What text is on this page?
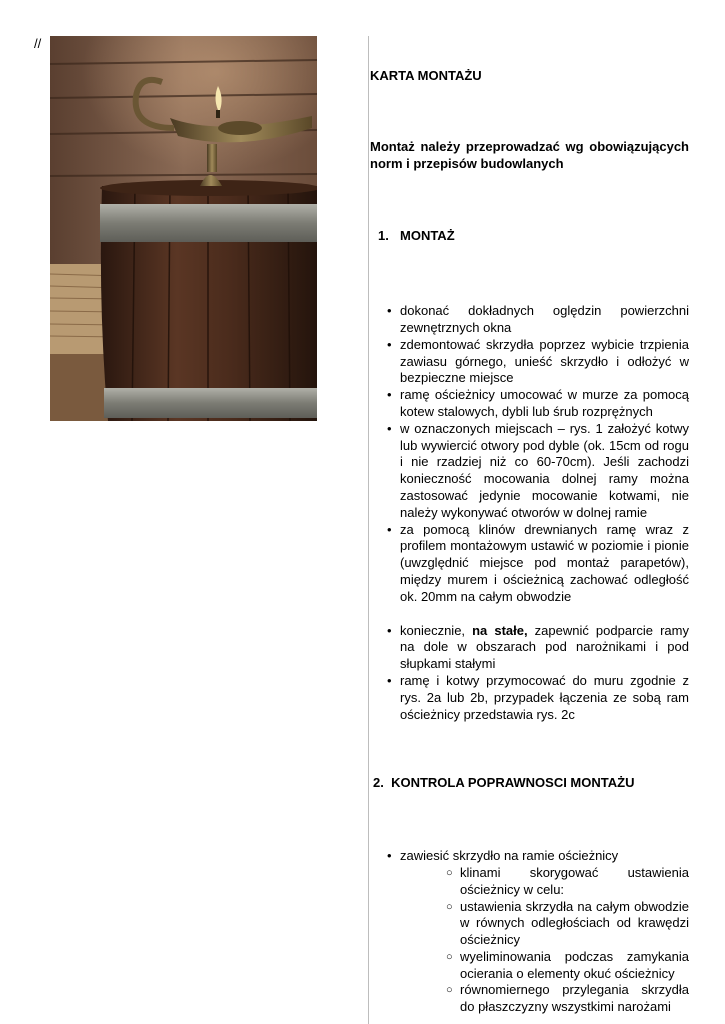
//

KARTA MONTAŻU

Montaż należy przeprowadzać wg obowiązujących norm i przepisów budowlanych

1. MONTAŻ

• dokonać dokładnych oględzin powierzchni zewnętrznych okna
• zdemontować skrzydła poprzez wybicie trzpienia zawiasu górnego, unieść skrzydło i odłożyć w bezpieczne miejsce
• ramę ościeżnicy umocować w murze za pomocą kotew stalowych, dybli lub śrub rozprężnych
• w oznaczonych miejscach – rys. 1 założyć kotwy lub wywiercić otwory pod dyble (ok. 15cm od rogu i nie rzadziej niż co 60-70cm). Jeśli zachodzi konieczność mocowania dolnej ramy można zastosować jedynie mocowanie kotwami, nie należy wykonywać otworów w dolnej ramie
• za pomocą klinów drewnianych ramę wraz z profilem montażowym ustawić w poziomie i pionie (uwzględnić miejsce pod montaż parapetów), między murem i ościeżnicą zachować odległość ok. 20mm na całym obwodzie
• koniecznie, na stałe, zapewnić podparcie ramy na dole w obszarach pod narożnikami i pod słupkami stałymi
• ramę i kotwy przymocować do muru zgodnie z rys. 2a lub 2b, przypadek łączenia ze sobą ram ościeżnicy przedstawia rys. 2c

2. KONTROLA POPRAWNOSCI MONTAŻU

• zawiesić skrzydło na ramie ościeżnicy
○ klinami skorygować ustawienia ościeżnicy w celu:
○ ustawienia skrzydła na całym obwodzie w równych odległościach od krawędzi ościeżnicy
○ wyeliminowania podczas zamykania ocierania o elementy okuć ościeżnicy
○ równomiernego przylegania skrzydła do płaszczyzny wszystkimi narożami
